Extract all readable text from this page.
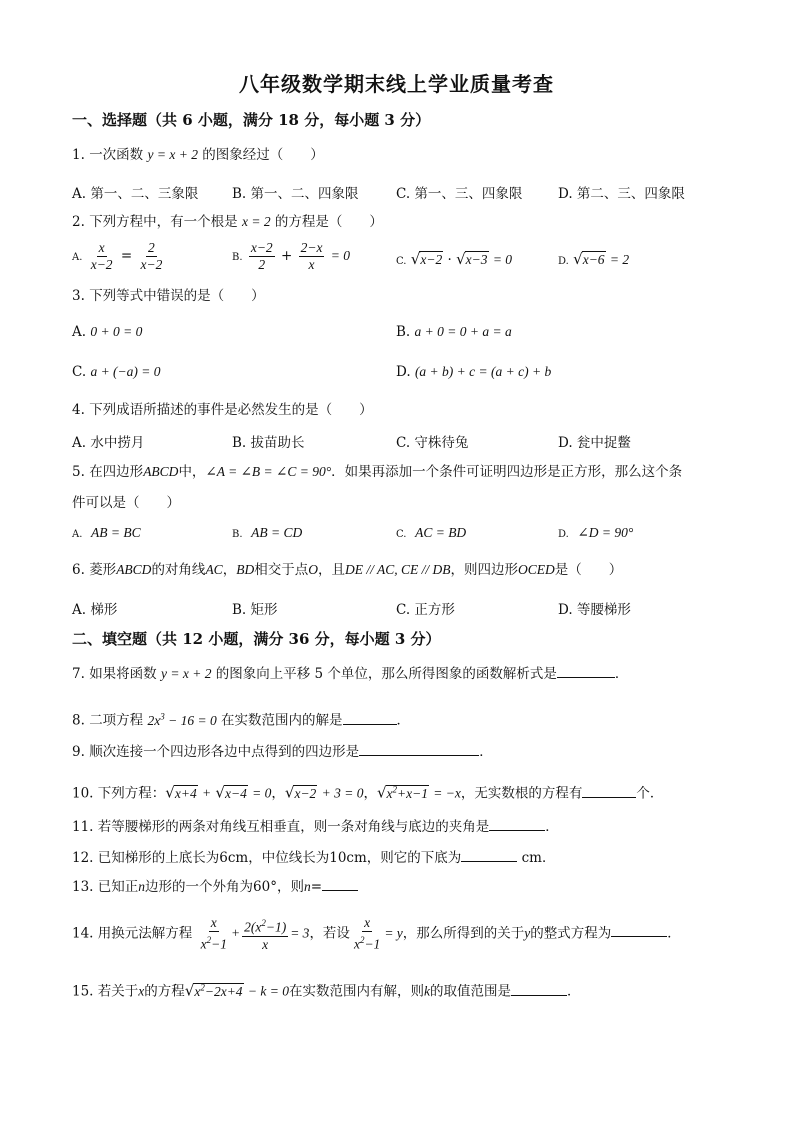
八年级数学期末线上学业质量考查
一、选择题（共 6 小题，满分 18 分，每小题 3 分）
1. 一次函数 y = x + 2 的图象经过（　　）
A. 第一、二、三象限 B. 第一、二、四象限	C. 第一、三、四象限	D. 第二、三、四象限
2. 下列方程中，有一个根是 x = 2 的方程是（　　）
A. $\frac{x}{x-2} = \frac{2}{x-2}$	B. $\frac{x-2}{2} + \frac{2-x}{x} = 0$	C. √x−2 · √x−3 = 0	D. √x−6 = 2
3. 下列等式中错误的是（　　）
A. 0 + 0 = 0	B. a + 0 = 0 + a = a
C. a + (−a) = 0	D. (a + b) + c = (a + c) + b
4. 下列成语所描述的事件是必然发生的是（　　）
A. 水中捞月	B. 拔苗助长	C. 守株待兔	D. 瓮中捉鳖
5. 在四边形ABCD中，∠A = ∠B = ∠C = 90°．如果再添加一个条件可证明四边形是正方形，那么这个条
件可以是（　　）
A. AB = BC	B. AB = CD	C. AC = BD	D. ∠D = 90°
6. 菱形ABCD的对角线AC，BD相交于点O，且DE // AC, CE // DB，则四边形OCED是（　　）
A. 梯形	B. 矩形	C. 正方形	D. 等腰梯形
二、填空题（共 12 小题，满分 36 分，每小题 3 分）
7. 如果将函数 y = x + 2 的图象向上平移 5 个单位，那么所得图象的函数解析式是	．
8. 二项方程 $2x^3 - 16 = 0$ 在实数范围内的解是	．
9. 顺次连接一个四边形各边中点得到的四边形是	．
10. 下列方程：√x+4 + √x−4 = 0，√x−2 + 3 = 0，$√x^2+x-1 = -x$，无实数根的方程有	个．
11. 若等腰梯形的两条对角线互相垂直，则一条对角线与底边的夹角是	．
12. 已知梯形的上底长为6cm，中位线长为10cm，则它的下底为	cm．
13. 已知正n边形的一个外角为60°，则n=
14. 用换元法解方程 $\frac{x}{x^2-1} + \frac{2(x^2-1)}{x} = 3$，若设 $\frac{x}{x^2-1} = y$，那么所得到的关于y的整式方程为	．
15. 若关于x的方程$√x^2-2x+4 - k = 0$在实数范围内有解，则k的取值范围是	．
